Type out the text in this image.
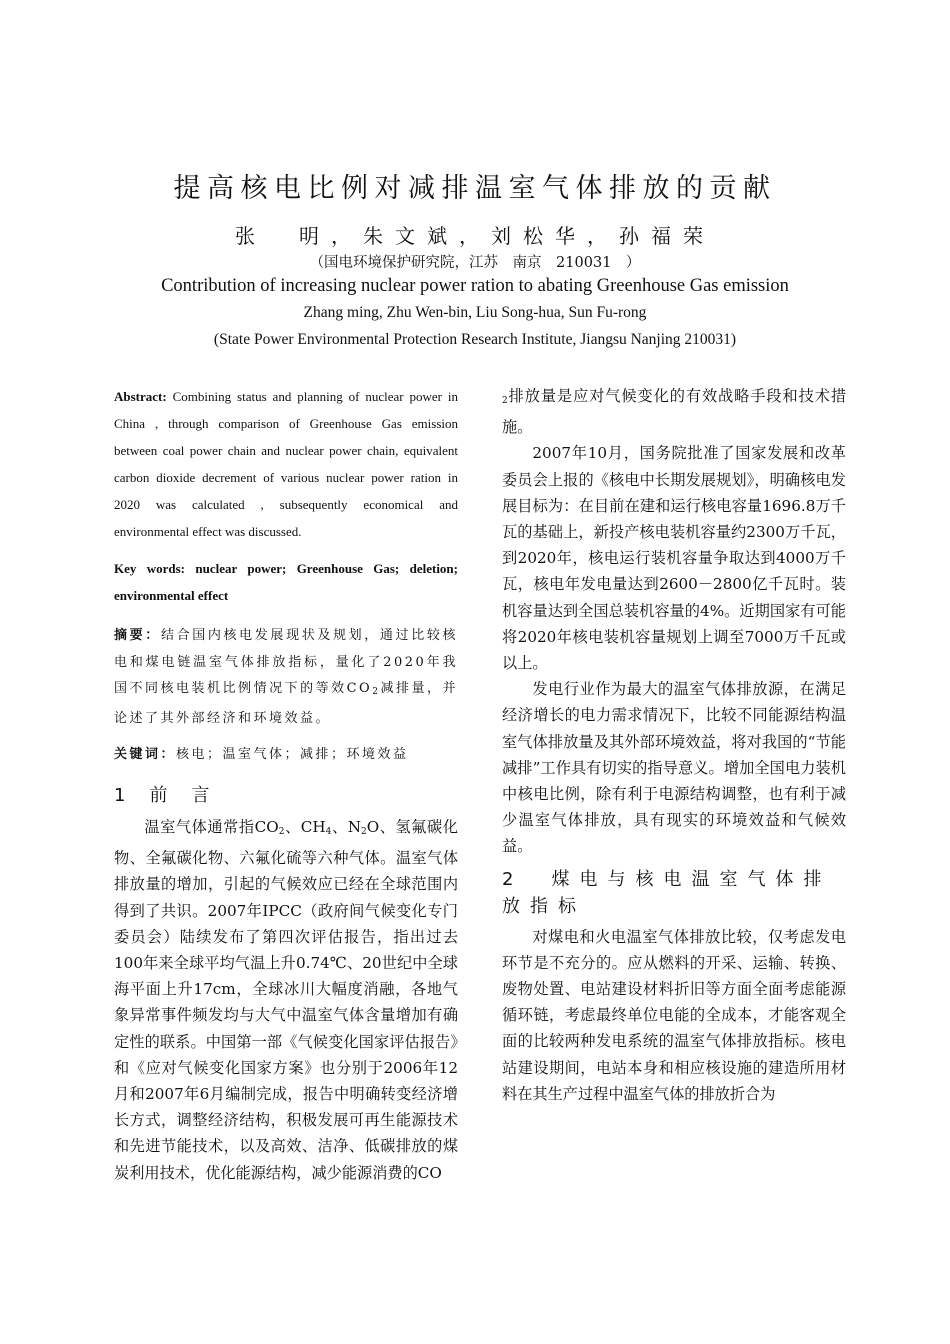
提高核电比例对减排温室气体排放的贡献
张　明，朱文斌，刘松华，孙福荣
（国电环境保护研究院，江苏　南京　210031　）
Contribution of increasing nuclear power ration to abating Greenhouse Gas emission
Zhang ming, Zhu Wen-bin, Liu Song-hua, Sun Fu-rong
(State Power Environmental Protection Research Institute, Jiangsu Nanjing 210031)

Abstract: Combining status and planning of nuclear power in China , through comparison of Greenhouse Gas emission between coal power chain and nuclear power chain, equivalent carbon dioxide decrement of various nuclear power ration in 2020 was calculated , subsequently economical and environmental effect was discussed.

Key words: nuclear power; Greenhouse Gas; deletion; environmental effect

摘要：结合国内核电发展现状及规划，通过比较核电和煤电链温室气体排放指标，量化了2020年我国不同核电装机比例情况下的等效$CO_2$减排量，并论述了其外部经济和环境效益。

关键词：核电；温室气体；减排；环境效益

1　前　言

温室气体通常指$CO_2$、$CH_4$、$N_2O$、氢氟碳化物、全氟碳化物、六氟化硫等六种气体。温室气体排放量的增加，引起的气候效应已经在全球范围内得到了共识。2007年IPCC（政府间气候变化专门委员会）陆续发布了第四次评估报告，指出过去100年来全球平均气温上升0.74℃、20世纪中全球海平面上升17cm，全球冰川大幅度消融，各地气象异常事件频发均与大气中温室气体含量增加有确定性的联系。中国第一部《气候变化国家评估报告》和《应对气候变化国家方案》也分别于2006年12月和2007年6月编制完成，报告中明确转变经济增长方式，调整经济结构，积极发展可再生能源技术和先进节能技术，以及高效、洁净、低碳排放的煤炭利用技术，优化能源结构，减少能源消费的CO

$_2$排放量是应对气候变化的有效战略手段和技术措施。

2007年10月，国务院批准了国家发展和改革委员会上报的《核电中长期发展规划》，明确核电发展目标为：在目前在建和运行核电容量1696.8万千瓦的基础上，新投产核电装机容量约2300万千瓦，到2020年，核电运行装机容量争取达到4000万千瓦，核电年发电量达到2600－2800亿千瓦时。装机容量达到全国总装机容量的4%。近期国家有可能将2020年核电装机容量规划上调至7000万千瓦或以上。

发电行业作为最大的温室气体排放源，在满足经济增长的电力需求情况下，比较不同能源结构温室气体排放量及其外部环境效益，将对我国的“节能减排”工作具有切实的指导意义。增加全国电力装机中核电比例，除有利于电源结构调整，也有利于减少温室气体排放，具有现实的环境效益和气候效益。

2　煤电与核电温室气体排放指标

对煤电和火电温室气体排放比较，仅考虑发电环节是不充分的。应从燃料的开采、运输、转换、废物处置、电站建设材料折旧等方面全面考虑能源循环链，考虑最终单位电能的全成本，才能客观全面的比较两种发电系统的温室气体排放指标。核电站建设期间，电站本身和相应核设施的建造所用材料在其生产过程中温室气体的排放折合为
